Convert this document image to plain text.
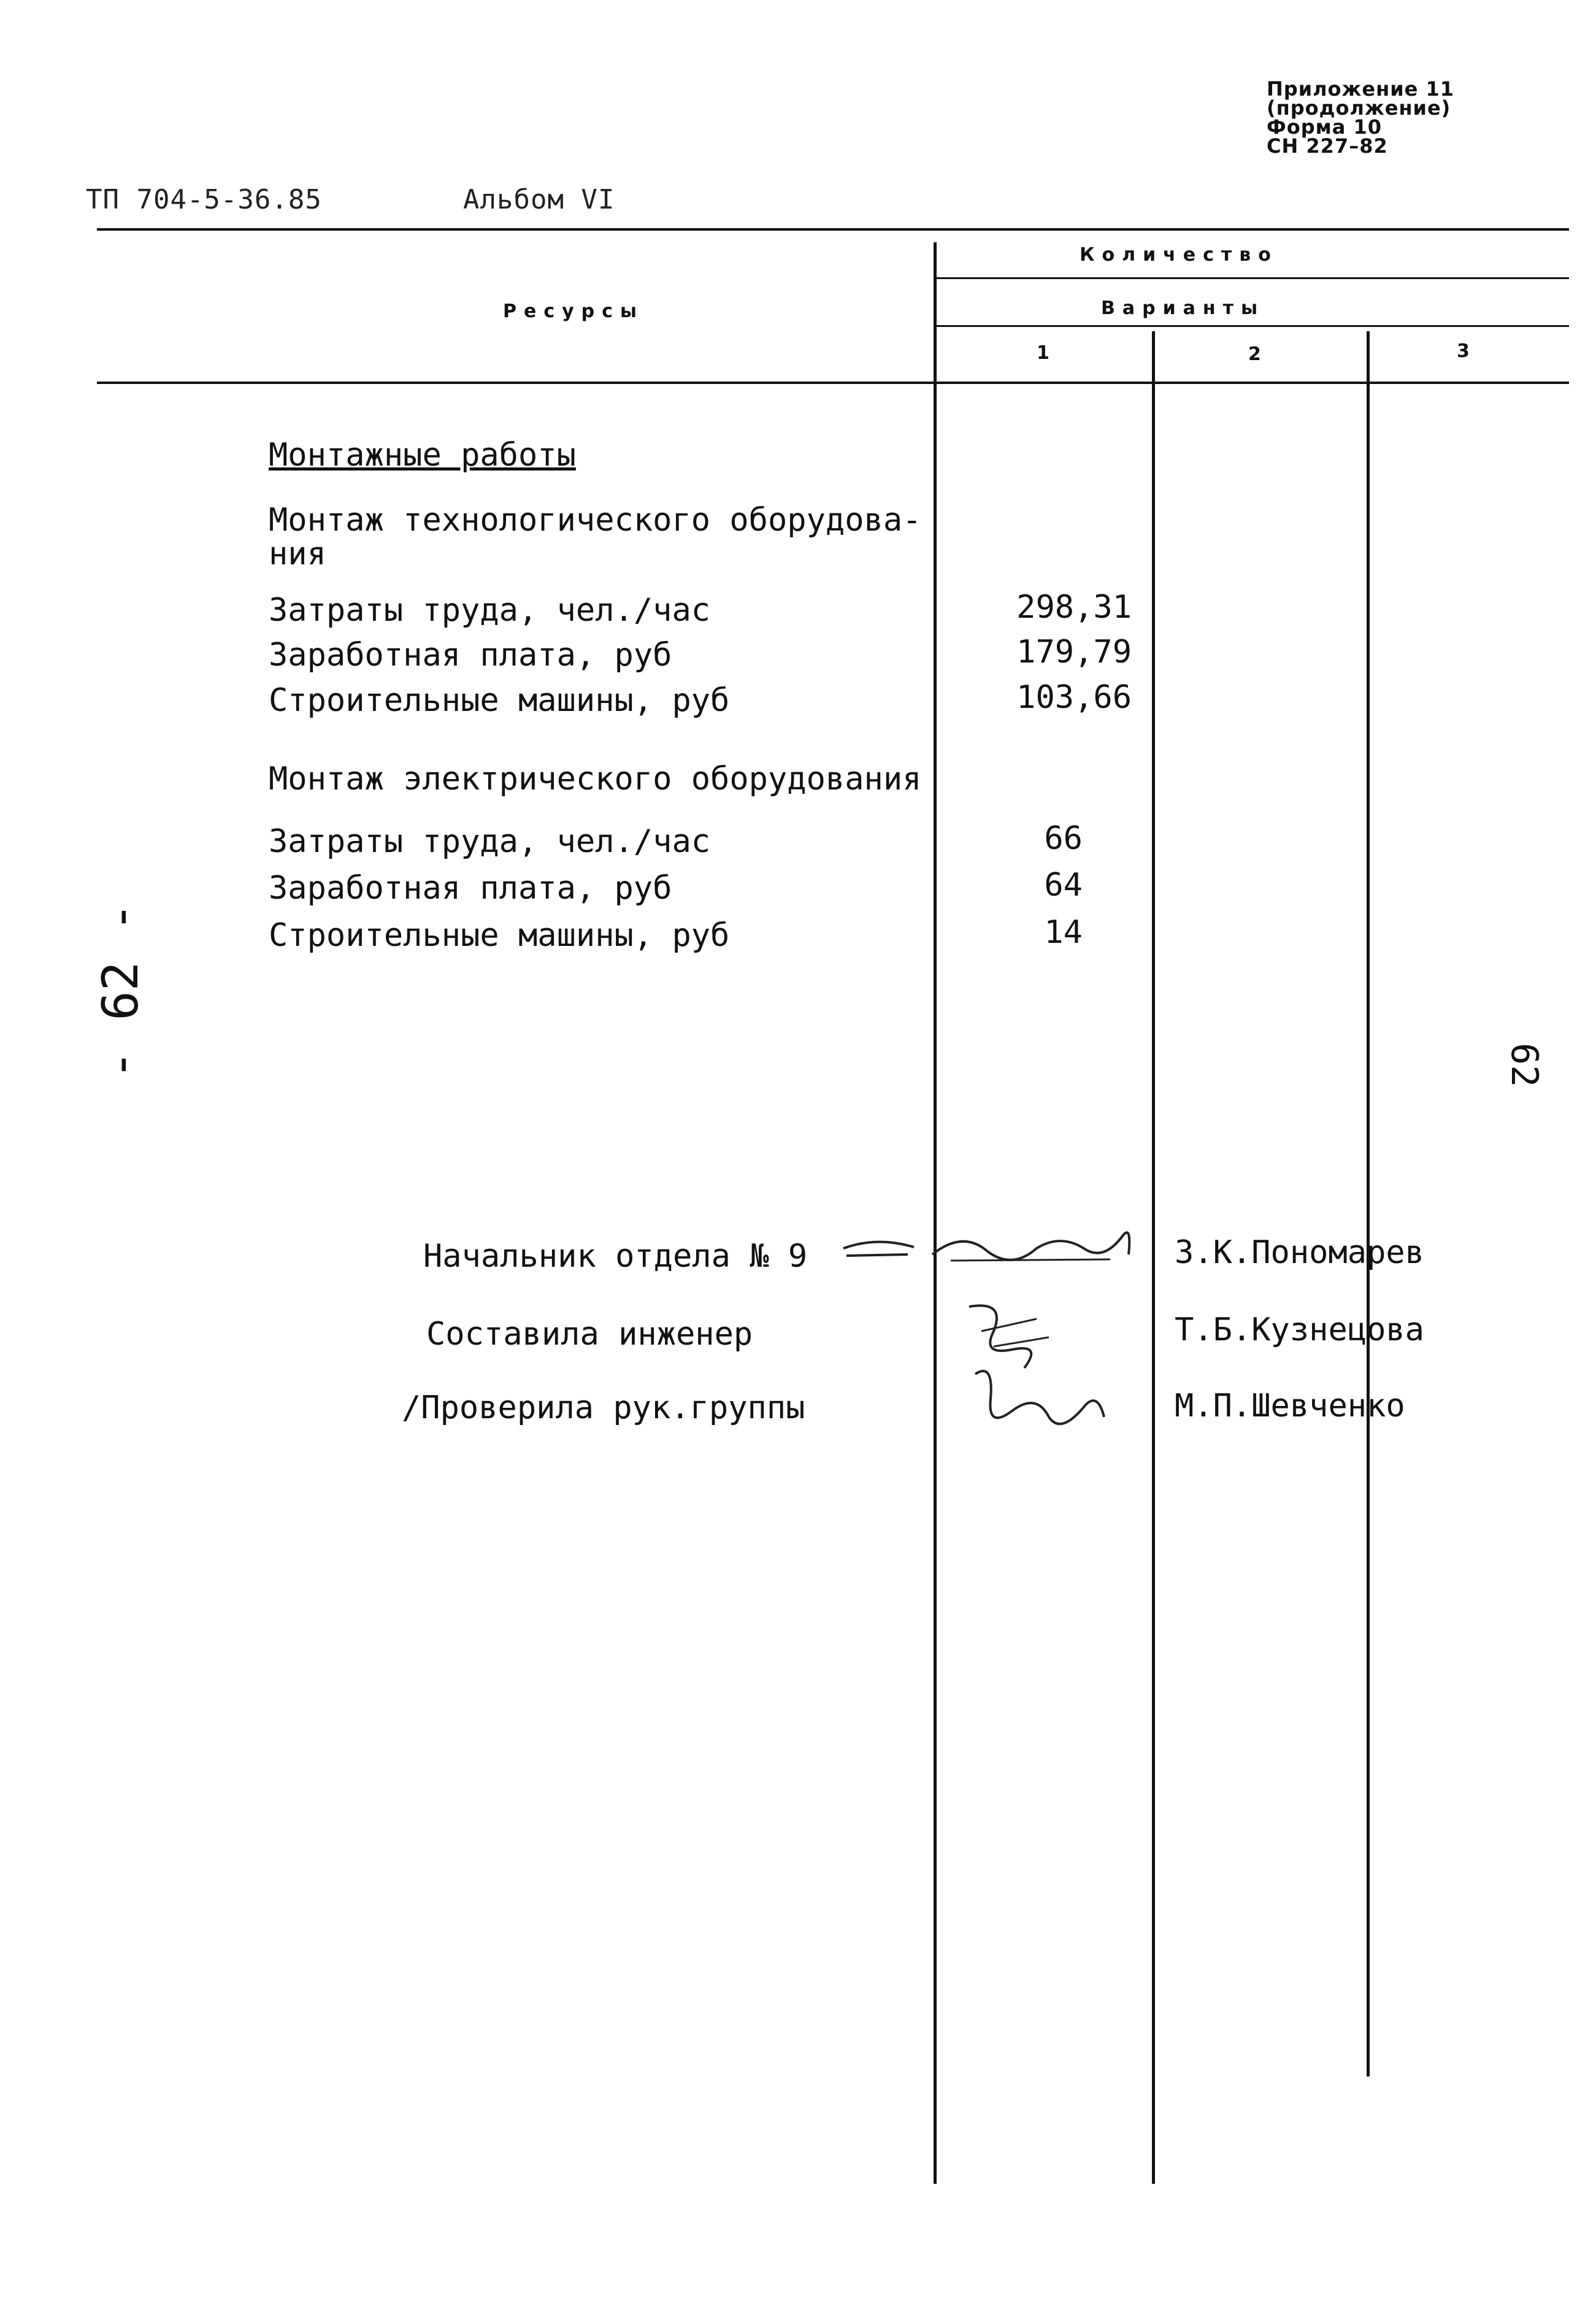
Приложение 11
(продолжение)
Форма 10
СН 227–82
ТП 704-5-36.85	Альбом VI
Ресурсы
Количество
Варианты
1	2	3
Монтажные работы
Монтаж технологического оборудова-
ния
Затраты труда, чел./час	298,31
Заработная плата, руб	179,79
Строительные машины, руб	103,66
Монтаж электрического оборудования
Затраты труда, чел./час	66
Заработная плата, руб	64
Строительные машины, руб	14
- 62 -	62
Начальник отдела № 9	З.К.Пономарев
Составила инженер	Т.Б.Кузнецова
/Проверила рук.группы	М.П.Шевченко
